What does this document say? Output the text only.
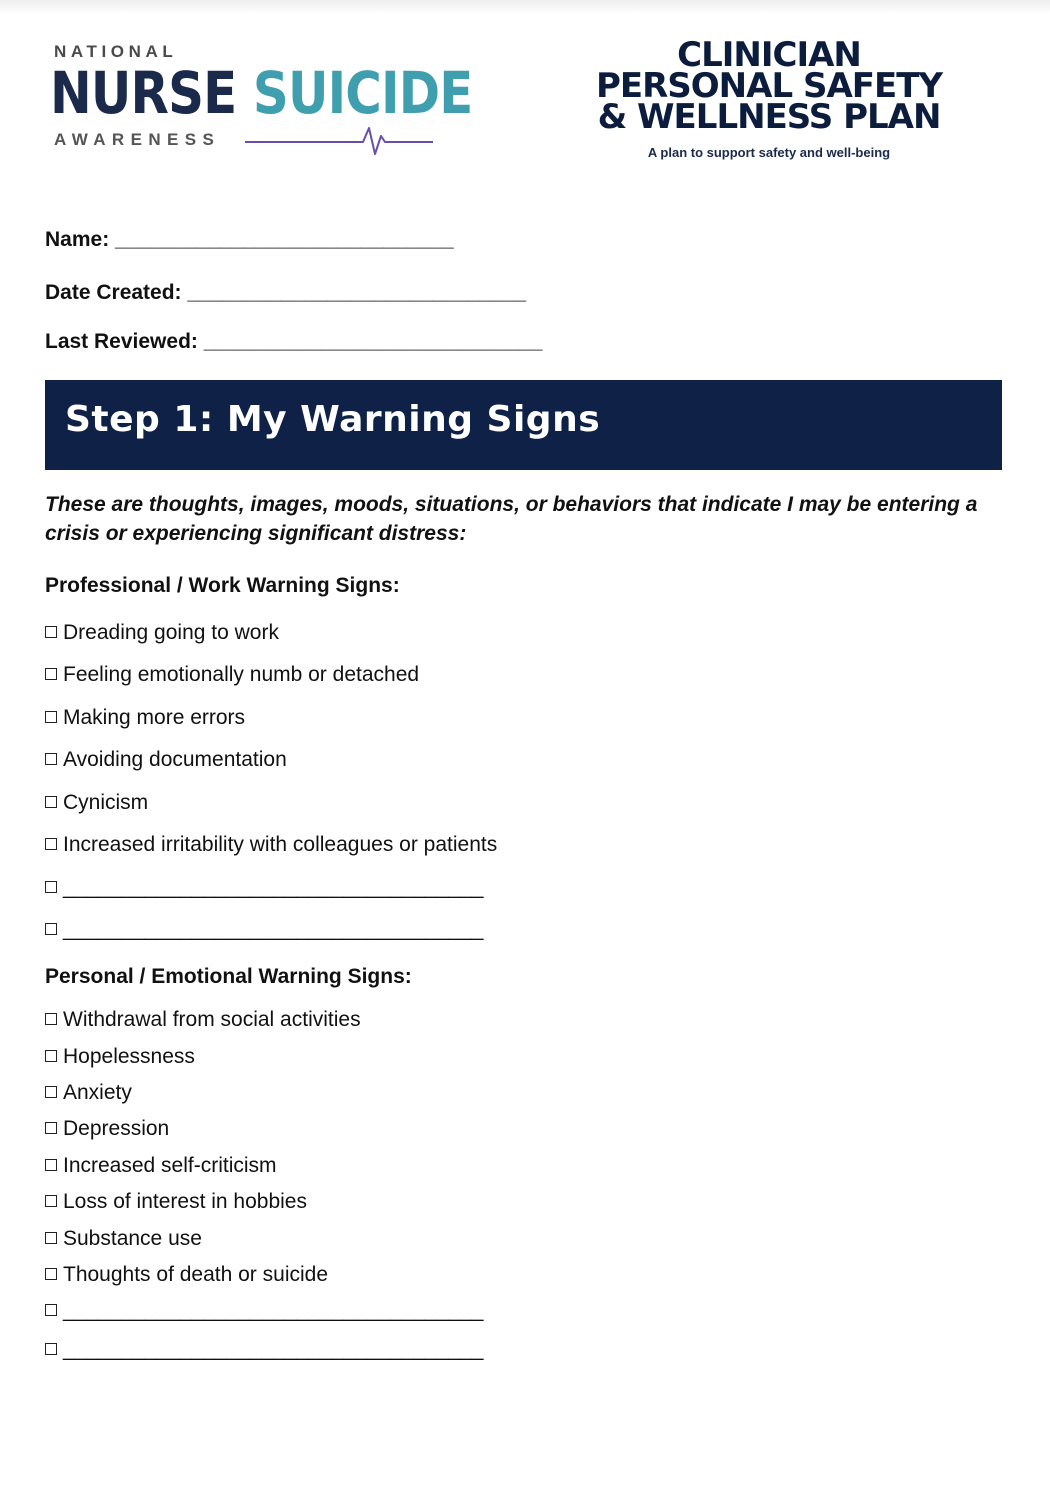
NATIONAL
NURSE SUICIDE
AWARENESS
CLINICIAN
PERSONAL SAFETY
& WELLNESS PLAN
A plan to support safety and well-being
Name: _____________________________
Date Created: _____________________________
Last Reviewed: _____________________________
Step 1: My Warning Signs

These are thoughts, images, moods, situations, or behaviors that indicate I may be entering a crisis or experiencing significant distress:

Professional / Work Warning Signs:
Dreading going to work
Feeling emotionally numb or detached
Making more errors
Avoiding documentation
Cynicism
Increased irritability with colleagues or patients
____________________________________
____________________________________
Personal / Emotional Warning Signs:
Withdrawal from social activities
Hopelessness
Anxiety
Depression
Increased self-criticism
Loss of interest in hobbies
Substance use
Thoughts of death or suicide
____________________________________
____________________________________
